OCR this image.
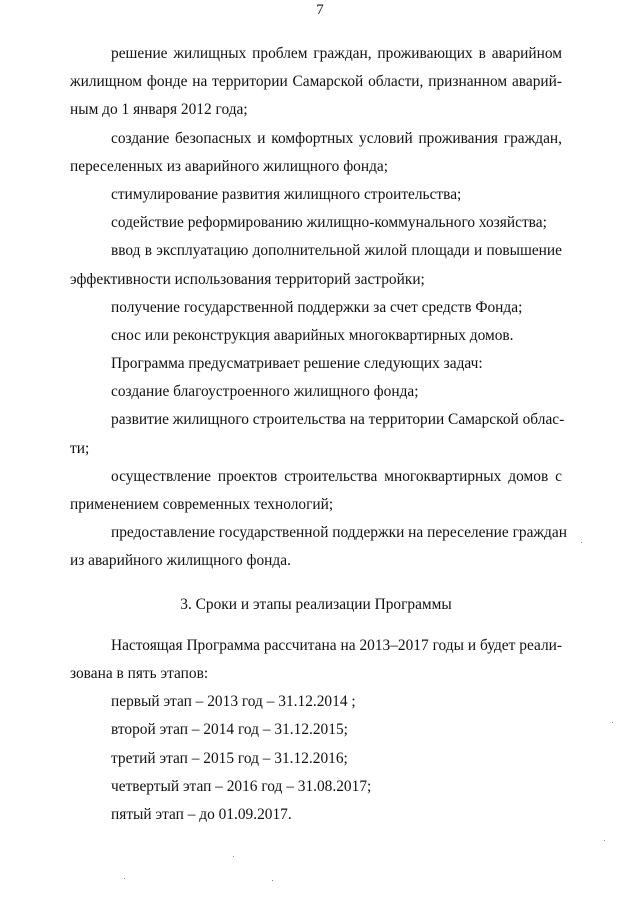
7
решение жилищных проблем граждан, проживающих в аварийном
жилищном фонде на территории Самарской области, признанном аварий-
ным до 1 января 2012 года;
создание безопасных и комфортных условий проживания граждан,
переселенных из аварийного жилищного фонда;
стимулирование развития жилищного строительства;
содействие реформированию жилищно-коммунального хозяйства;
ввод в эксплуатацию дополнительной жилой площади и повышение
эффективности использования территорий застройки;
получение государственной поддержки за счет средств Фонда;
снос или реконструкция аварийных многоквартирных домов.
Программа предусматривает решение следующих задач:
создание благоустроенного жилищного фонда;
развитие жилищного строительства на территории Самарской облас-
ти;
осуществление проектов строительства многоквартирных домов с
применением современных технологий;
предоставление государственной поддержки на переселение граждан
из аварийного жилищного фонда.
3. Сроки и этапы реализации Программы
Настоящая Программа рассчитана на 2013–2017 годы и будет реали-
зована в пять этапов:
первый этап – 2013 год – 31.12.2014 ;
второй этап – 2014 год – 31.12.2015;
третий этап – 2015 год – 31.12.2016;
четвертый этап – 2016 год – 31.08.2017;
пятый этап – до 01.09.2017.
